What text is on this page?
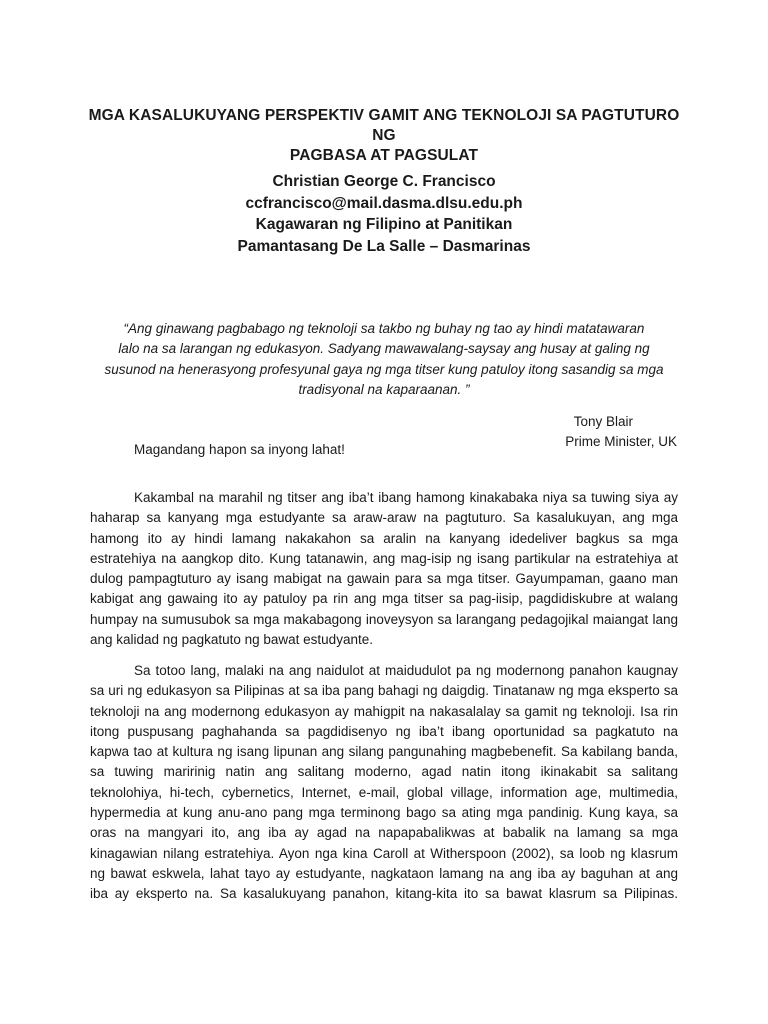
MGA KASALUKUYANG PERSPEKTIV GAMIT ANG TEKNOLOJI SA PAGTUTURO NG
PAGBASA AT PAGSULAT
Christian George C. Francisco
ccfrancisco@mail.dasma.dlsu.edu.ph
Kagawaran ng Filipino at Panitikan
Pamantasang De La Salle – Dasmarinas
“Ang ginawang pagbabago ng teknoloji sa takbo ng buhay ng tao ay hindi matatawaran
lalo na sa larangan ng edukasyon. Sadyang mawawalang-saysay ang husay at galing ng
susunod na henerasyong profesyunal gaya ng mga titser kung patuloy itong sasandig sa mga
tradisyonal na kaparaanan. ”
Tony Blair
Prime Minister, UK
Magandang hapon sa inyong lahat!
Kakambal na marahil ng titser ang iba’t ibang hamong kinakabaka niya sa tuwing siya ay
haharap sa kanyang mga estudyante sa araw-araw na pagtuturo. Sa kasalukuyan, ang mga
hamong ito ay hindi lamang nakakahon sa aralin na kanyang idedeliver bagkus sa mga
estratehiya na aangkop dito. Kung tatanawin, ang mag-isip ng isang partikular na estratehiya at
dulog pampagtuturo ay isang mabigat na gawain para sa mga titser. Gayumpaman, gaano man
kabigat ang gawaing ito ay patuloy pa rin ang mga titser sa pag-iisip, pagdidiskubre at walang
humpay na sumusubok sa mga makabagong inoveysyon sa larangang pedagojikal maiangat lang
ang kalidad ng pagkatuto ng bawat estudyante.
Sa totoo lang, malaki na ang naidulot at maidudulot pa ng modernong panahon kaugnay
sa uri ng edukasyon sa Pilipinas at sa iba pang bahagi ng daigdig. Tinatanaw ng mga eksperto sa
teknoloji na ang modernong edukasyon ay mahigpit na nakasalalay sa gamit ng teknoloji. Isa rin
itong puspusang paghahanda sa pagdidisenyo ng iba’t ibang oportunidad sa pagkatuto na
kapwa tao at kultura ng isang lipunan ang silang pangunahing magbebenefit. Sa kabilang banda,
sa tuwing maririnig natin ang salitang moderno, agad natin itong ikinakabit sa salitang
teknolohiya, hi-tech, cybernetics, Internet, e-mail, global village, information age, multimedia,
hypermedia at kung anu-ano pang mga terminong bago sa ating mga pandinig. Kung kaya, sa
oras na mangyari ito, ang iba ay agad na napapabalikwas at babalik na lamang sa mga
kinagawian nilang estratehiya. Ayon nga kina Caroll at Witherspoon (2002), sa loob ng klasrum
ng bawat eskwela, lahat tayo ay estudyante, nagkataon lamang na ang iba ay baguhan at ang
iba ay eksperto na. Sa kasalukuyang panahon, kitang-kita ito sa bawat klasrum sa Pilipinas.
